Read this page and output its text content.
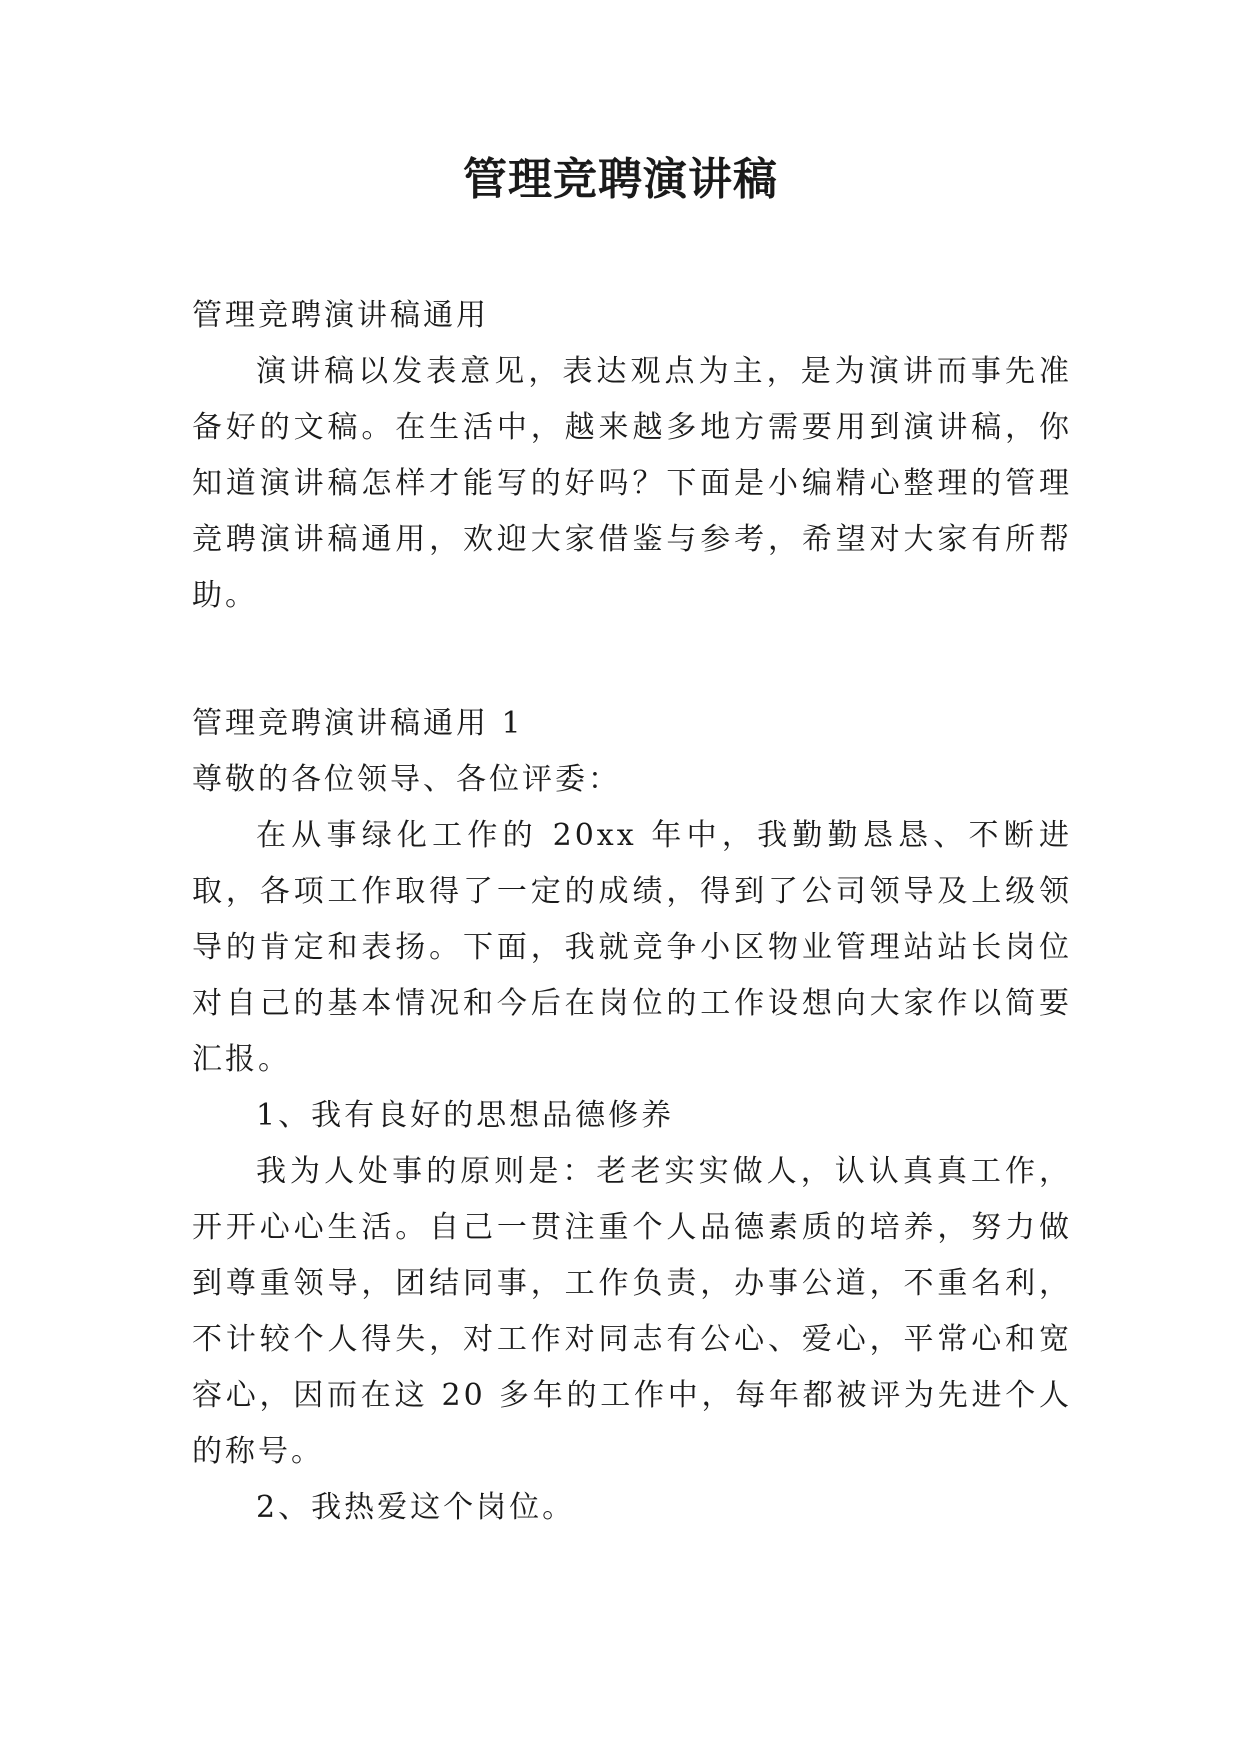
管理竞聘演讲稿

管理竞聘演讲稿通用

演讲稿以发表意见，表达观点为主，是为演讲而事先准备好的文稿。在生活中，越来越多地方需要用到演讲稿，你知道演讲稿怎样才能写的好吗？下面是小编精心整理的管理竞聘演讲稿通用，欢迎大家借鉴与参考，希望对大家有所帮助。

管理竞聘演讲稿通用 1

尊敬的各位领导、各位评委：

在从事绿化工作的 20xx 年中，我勤勤恳恳、不断进取，各项工作取得了一定的成绩，得到了公司领导及上级领导的肯定和表扬。下面，我就竞争小区物业管理站站长岗位对自己的基本情况和今后在岗位的工作设想向大家作以简要汇报。

1、我有良好的思想品德修养

我为人处事的原则是：老老实实做人，认认真真工作，开开心心生活。自己一贯注重个人品德素质的培养，努力做到尊重领导，团结同事，工作负责，办事公道，不重名利，不计较个人得失，对工作对同志有公心、爱心，平常心和宽容心，因而在这 20 多年的工作中，每年都被评为先进个人的称号。

2、我热爱这个岗位。
